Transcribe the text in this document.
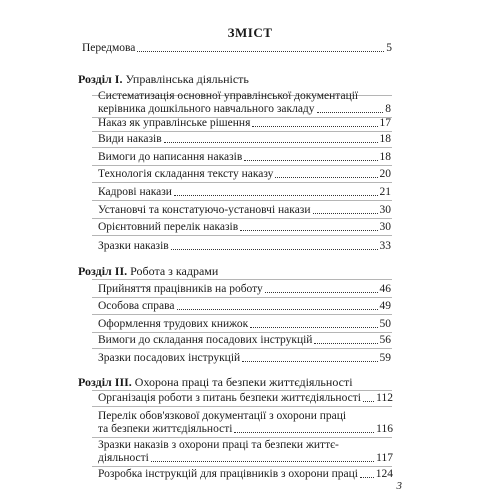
ЗМІСТ
Передмова	5
Розділ I. Управлінська діяльність
Систематизація основної управлінської документації
керівника дошкільного навчального закладу	8
Наказ як управлінське рішення	17
Види наказів	18
Вимоги до написання наказів	18
Технологія складання тексту наказу	20
Кадрові накази	21
Установчі та констатуючо-установчі накази	30
Орієнтовний перелік наказів	30
Зразки наказів	33
Розділ II. Робота з кадрами
Прийняття працівників на роботу	46
Особова справа	49
Оформлення трудових книжок	50
Вимоги до складання посадових інструкцій	56
Зразки посадових інструкцій	59
Розділ III. Охорона праці та безпеки життєдіяльності
Організація роботи з питань безпеки життєдіяльності 112
Перелік обов'язкової документації з охорони праці
та безпеки життєдіяльності	116
Зразки наказів з охорони праці та безпеки життє-
діяльності	117
Розробка інструкцій для працівників з охорони праці 124
3
